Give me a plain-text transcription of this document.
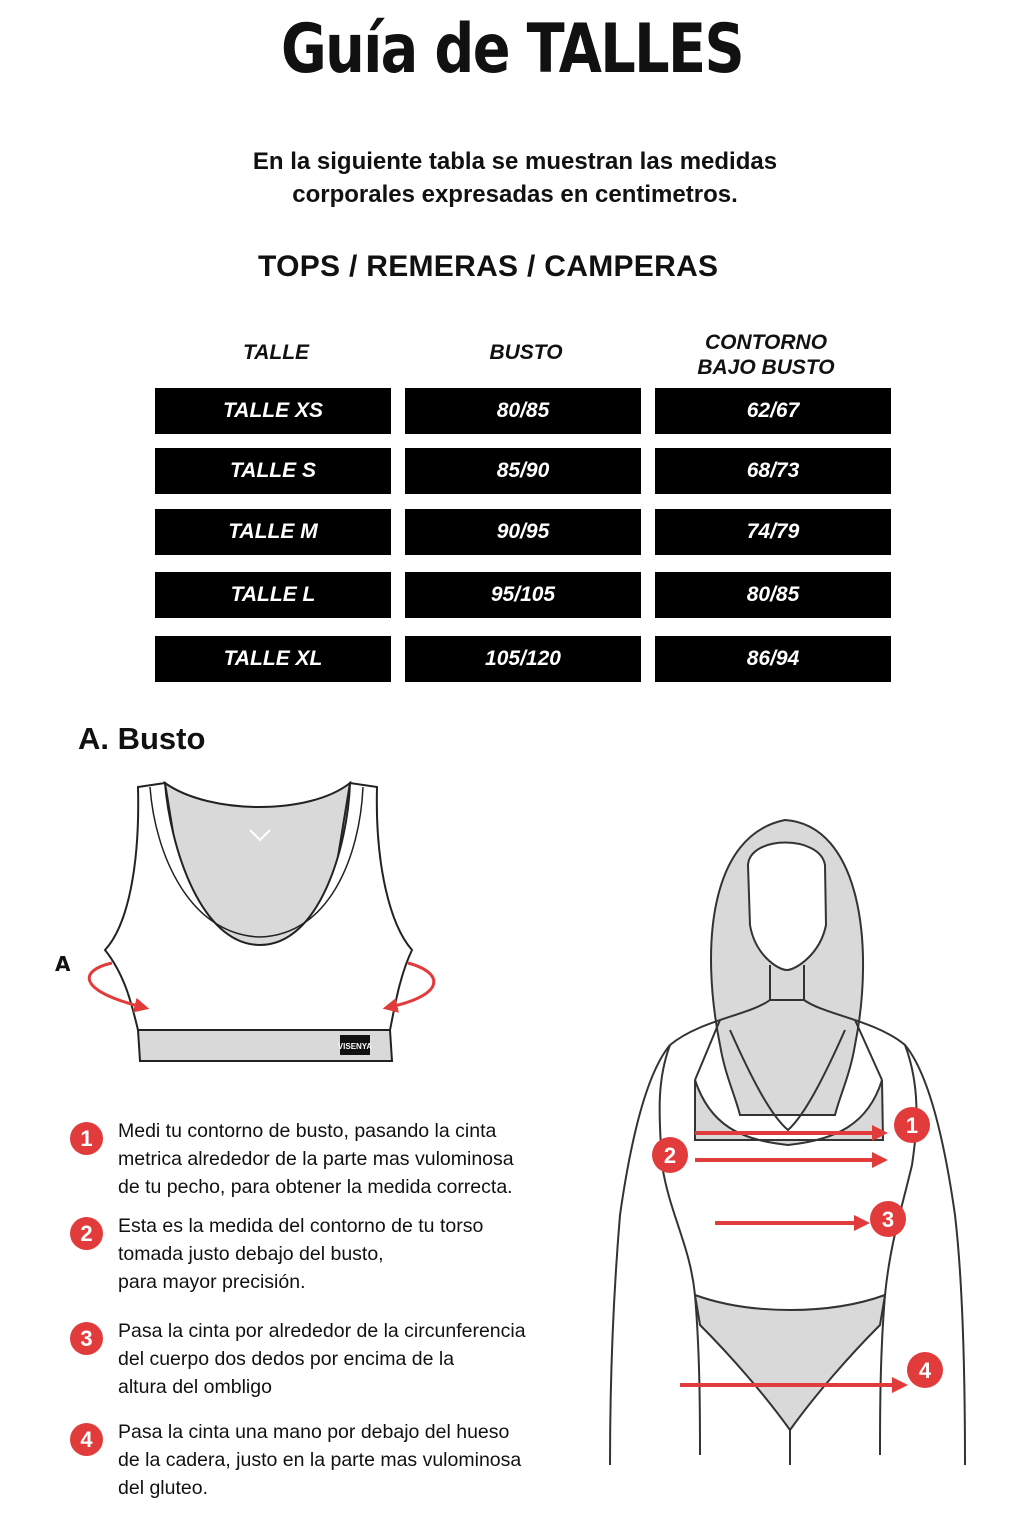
Guía de TALLES
En la siguiente tabla se muestran las medidas
corporales expresadas en centimetros.
TOPS / REMERAS / CAMPERAS
TALLE	BUSTO	CONTORNO
BAJO BUSTO
TALLE XS	80/85	62/67
TALLE S	85/90	68/73
TALLE M	90/95	74/79
TALLE L	95/105	80/85
TALLE XL	105/120	86/94
A. Busto
VISENYA
A
1	Medi tu contorno de busto, pasando la cinta
metrica alrededor de la parte mas vulominosa
de tu pecho, para obtener la medida correcta.
2	Esta es la medida del contorno de tu torso
tomada justo debajo del busto,
para mayor precisión.
3	Pasa la cinta por alrededor de la circunferencia
del cuerpo dos dedos por encima de la
altura del ombligo
4	Pasa la cinta una mano por debajo del hueso
de la cadera, justo en la parte mas vulominosa
del gluteo.
1
2
3
4
